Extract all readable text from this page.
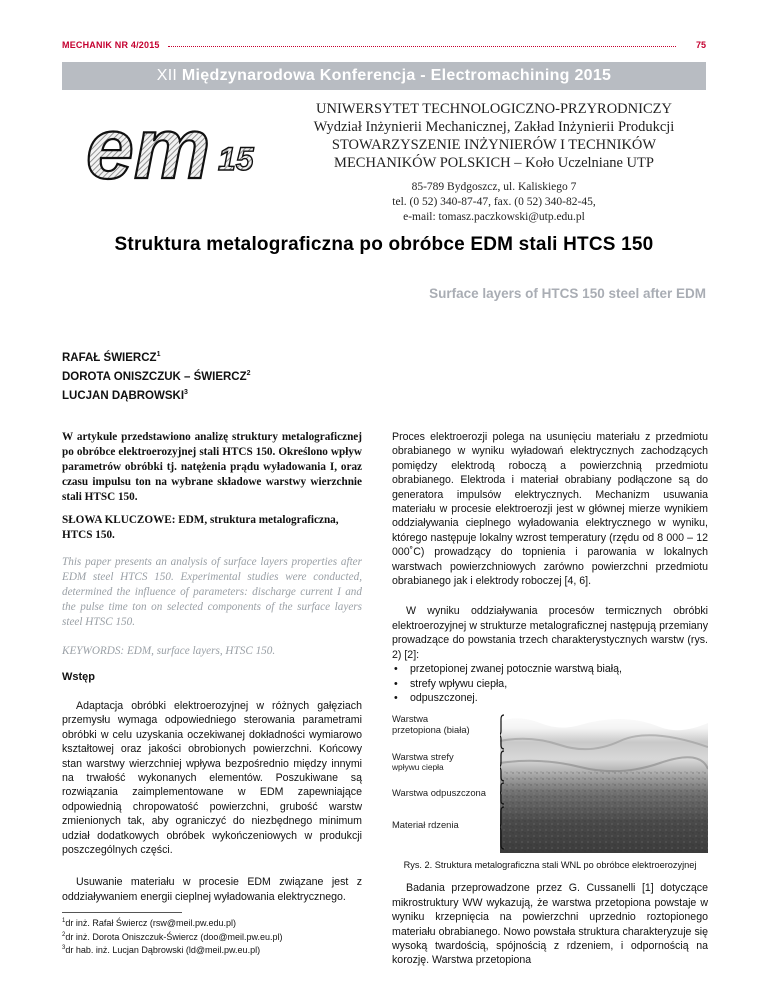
MECHANIK NR 4/2015	75
XII Międzynarodowa Konferencja - Electromachining 2015
em 15
UNIWERSYTET TECHNOLOGICZNO-PRZYRODNICZY
Wydział Inżynierii Mechanicznej, Zakład Inżynierii Produkcji
STOWARZYSZENIE INŻYNIERÓW I TECHNIKÓW
MECHANIKÓW POLSKICH – Koło Uczelniane UTP
85-789 Bydgoszcz, ul. Kaliskiego 7
tel. (0 52) 340-87-47, fax. (0 52) 340-82-45,
e-mail: tomasz.paczkowski@utp.edu.pl
Struktura metalograficzna po obróbce EDM stali HTCS 150
Surface layers of HTCS 150 steel after EDM
RAFAŁ ŚWIERCZ$^1$
DOROTA ONISZCZUK – ŚWIERCZ$^2$
LUCJAN DĄBROWSKI$^3$
W artykule przedstawiono analizę struktury metalograficznej po obróbce elektroerozyjnej stali HTCS 150. Określono wpływ parametrów obróbki tj. natężenia prądu wyładowania I, oraz czasu impulsu ton na wybrane składowe warstwy wierzchnie stali HTSC 150.
SŁOWA KLUCZOWE: EDM, struktura metalograficzna, HTCS 150.
This paper presents an analysis of surface layers properties after EDM steel HTCS 150. Experimental studies were conducted, determined the influence of parameters: discharge current I and the pulse time ton on selected components of the surface layers steel HTSC 150.
KEYWORDS: EDM, surface layers, HTSC 150.
Wstęp
Adaptacja obróbki elektroerozyjnej w różnych gałęziach przemysłu wymaga odpowiedniego sterowania parametrami obróbki w celu uzyskania oczekiwanej dokładności wymiarowo kształtowej oraz jakości obrobionych powierzchni. Końcowy stan warstwy wierzchniej wpływa bezpośrednio między innymi na trwałość wykonanych elementów. Poszukiwane są rozwiązania zaimplementowane w EDM zapewniające odpowiednią chropowatość powierzchni, grubość warstw zmienionych tak, aby ograniczyć do niezbędnego minimum udział dodatkowych obróbek wykończeniowych w produkcji poszczególnych części.
Usuwanie materiału w procesie EDM związane jest z oddziaływaniem energii cieplnej wyładowania elektrycznego.
$^1$dr inż. Rafał Świercz (rsw@meil.pw.edu.pl)
$^2$dr inż. Dorota Oniszczuk-Świercz (doo@meil.pw.eu.pl)
$^3$dr hab. inż. Lucjan Dąbrowski (ld@meil.pw.eu.pl)
Proces elektroerozji polega na usunięciu materiału z przedmiotu obrabianego w wyniku wyładowań elektrycznych zachodzących pomiędzy elektrodą roboczą a powierzchnią przedmiotu obrabianego. Elektroda i materiał obrabiany podłączone są do generatora impulsów elektrycznych. Mechanizm usuwania materiału w procesie elektroerozji jest w głównej mierze wynikiem oddziaływania cieplnego wyładowania elektrycznego w wyniku, którego następuje lokalny wzrost temperatury (rzędu od 8 000 – 12 000˚C) prowadzący do topnienia i parowania w lokalnych warstwach powierzchniowych zarówno powierzchni przedmiotu obrabianego jak i elektrody roboczej [4, 6].
W wyniku oddziaływania procesów termicznych obróbki elektroerozyjnej w strukturze metalograficznej następują przemiany prowadzące do powstania trzech charakterystycznych warstw (rys. 2) [2]:
• przetopionej zwanej potocznie warstwą białą,
• strefy wpływu ciepła,
• odpuszczonej.
Warstwa
przetopiona (biała)
Warstwa strefy
wpływu ciepła
Warstwa odpuszczona
Materiał rdzenia
Rys. 2. Struktura metalograficzna stali WNL po obróbce elektroerozyjnej
Badania przeprowadzone przez G. Cussanelli [1] dotyczące mikrostruktury WW wykazują, że warstwa przetopiona powstaje w wyniku krzepnięcia na powierzchni uprzednio roztopionego materiału obrabianego. Nowo powstała struktura charakteryzuje się wysoką twardością, spójnością z rdzeniem, i odpornością na korozję. Warstwa przetopiona
